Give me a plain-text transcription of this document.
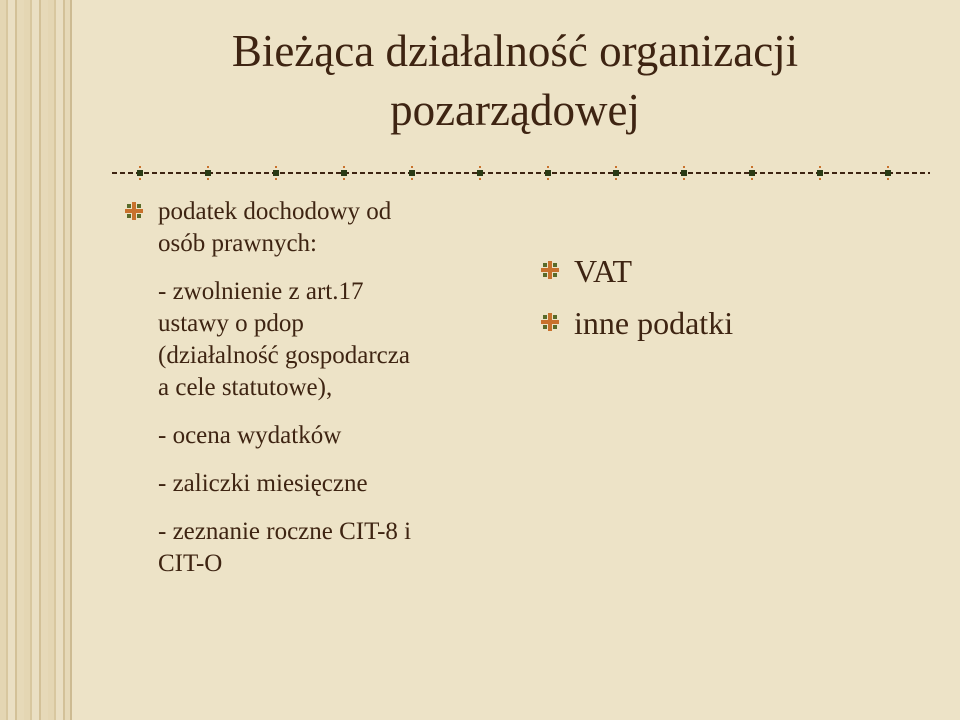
Bieżąca działalność organizacji
pozarządowej

podatek dochodowy od
osób prawnych:

- zwolnienie z art.17
ustawy o pdop
(działalność gospodarcza
a cele statutowe),

- ocena wydatków

- zaliczki miesięczne

- zeznanie roczne CIT-8 i
CIT-O

VAT
inne podatki
